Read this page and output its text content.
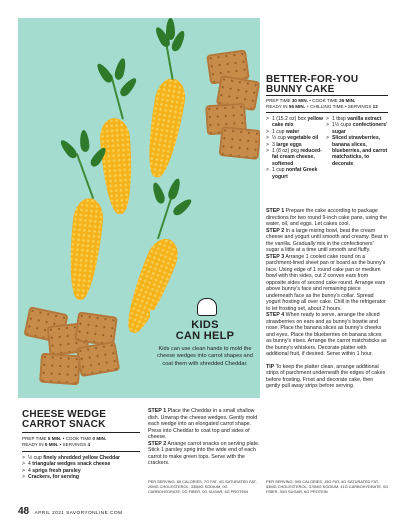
KIDS
CAN HELP
Kids can use clean hands to mold the cheese wedges into carrot shapes and coat them with shredded Cheddar.
CHEESE WEDGE
CARROT SNACK
PREP TIME 5 MIN. • COOK TIME 0 MIN.
READY IN 5 MIN. • SERVINGS 4
> ½ cup finely shredded yellow Cheddar
> 4 triangular wedges snack cheese
> 4 sprigs fresh parsley
> Crackers, for serving

STEP 1 Place the Cheddar in a small shallow dish. Unwrap the cheese wedges. Gently mold each wedge into an elongated carrot shape. Press into Cheddar to coat top and sides of cheese.

STEP 2 Arrange carrot snacks on serving plate. Stick 1 parsley sprig into the wide end of each carrot to make green tops. Serve with the crackers.

PER SERVING: 80 CALORIES, 7G FAT, 4G SATURATED FAT, 20MG CHOLESTEROL, 330MG SODIUM, 0G CARBOHYDRATE, 0G FIBER, 0G SUGAR, 4G PROTEIN
BETTER-FOR-YOU
BUNNY CAKE
PREP TIME 30 MIN. • COOK TIME 25 MIN.
READY IN 55 MIN. + CHILLING TIME • SERVINGS 12
> 1 (15.2 oz) box yellow cake mix
> 1 cup water
> ⅓ cup vegetable oil
> 3 large eggs
> 1 (8 oz) pkg reduced-fat cream cheese, softened
> 1 cup nonfat Greek yogurt
> 1 tbsp vanilla extract
> 1½ cups confectioners' sugar
> Sliced strawberries, banana slices, blueberries, and carrot matchsticks, to decorate

STEP 1 Prepare the cake according to package directions for two round 9-inch cake pans, using the water, oil, and eggs. Let cakes cool.

STEP 2 In a large mixing bowl, beat the cream cheese and yogurt until smooth and creamy. Beat in the vanilla. Gradually mix in the confectioners' sugar a little at a time until smooth and fluffy.

STEP 3 Arrange 1 cooled cake round on a parchment-lined sheet pan or board as the bunny's face. Using edge of 1 round cake pan or medium bowl with thin sides, cut 2 convex ears from opposite sides of second cake round. Arrange ears above bunny's face and remaining piece underneath face as the bunny's collar. Spread yogurt frosting all over cake. Chill in the refrigerator to let frosting set, about 2 hours.

STEP 4 When ready to serve, arrange the sliced strawberries on ears and as bunny's bowtie and nose. Place the banana slices as bunny's cheeks and eyes. Place the blueberries on banana slices as bunny's irises. Arrange the carrot matchsticks as the bunny's whiskers. Decorate platter with additional fruit, if desired. Serve within 1 hour.

TIP To keep the platter clean, arrange additional strips of parchment underneath the edges of cakes before frosting. Frost and decorate cake, then gently pull away strips before serving.

PER SERVING: 300 CALORIES, 15G FAT, 4G SATURATED FAT, 53MG CHOLESTEROL, 370MG SODIUM, 41G CARBOHYDRATE, 0G FIBER, 30G SUGAR, 6G PROTEIN
48 APRIL 2021 SAVORYONLINE.COM
